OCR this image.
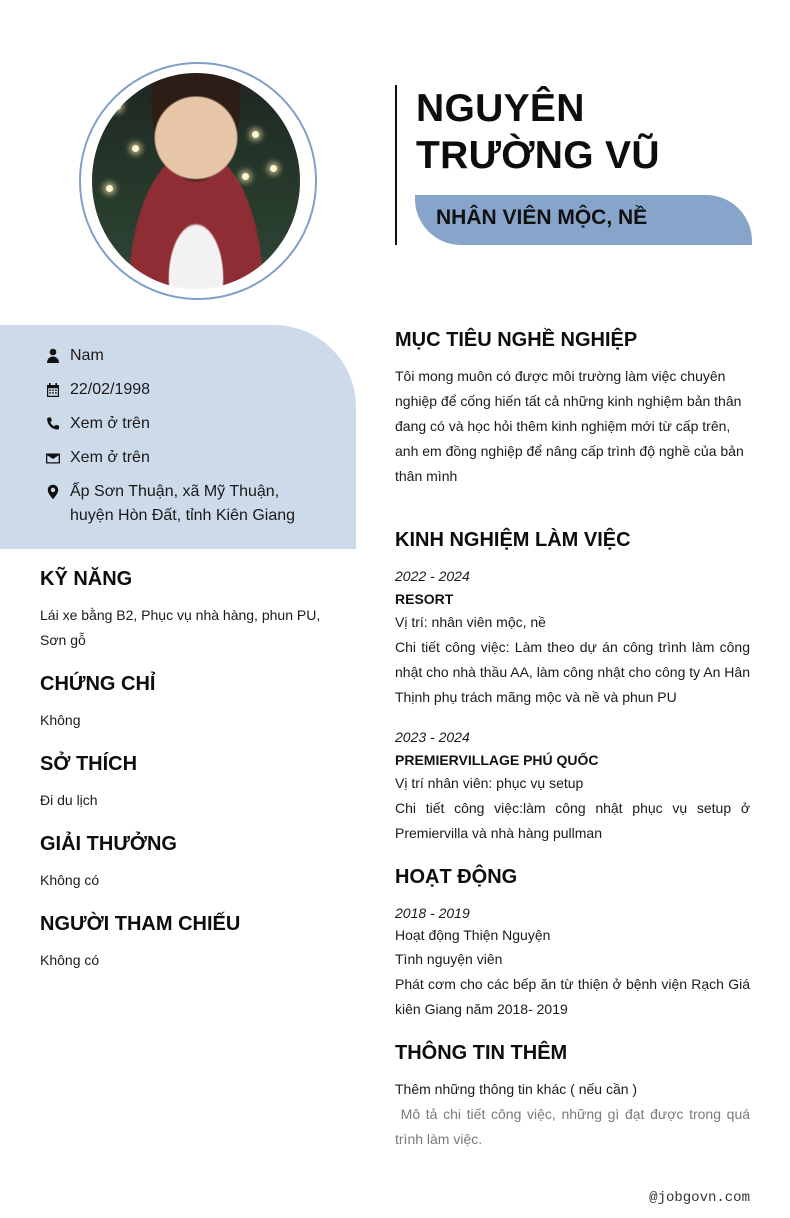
NGUYÊN TRƯỜNG VŨ
NHÂN VIÊN MỘC, NỀ
Nam
22/02/1998
Xem ở trên
Xem ở trên
Ấp Sơn Thuận, xã Mỹ Thuận,
huyện Hòn Đất, tỉnh Kiên Giang
KỸ NĂNG
Lái xe bằng B2, Phục vụ nhà hàng, phun PU, Sơn gỗ
CHỨNG CHỈ
Không
SỞ THÍCH
Đi du lịch
GIẢI THƯỞNG
Không có
NGƯỜI THAM CHIẾU
Không có
MỤC TIÊU NGHỀ NGHIỆP
Tôi mong muôn có được môi trường làm việc chuyên nghiệp để cống hiến tất cả những kinh nghiệm bản thân đang có và học hỏi thêm kinh nghiệm mới từ cấp trên, anh em đồng nghiệp để nâng cấp trình độ nghề của bản thân mình
KINH NGHIỆM LÀM VIỆC
2022 - 2024
RESORT
Vị trí: nhân viên mộc, nề
Chi tiết công việc: Làm theo dự án công trình làm công nhật cho nhà thầu AA, làm công nhật cho công ty An Hân Thịnh phụ trách mãng mộc và nề và phun PU
2023 - 2024
PREMIERVILLAGE PHÚ QUỐC
Vị trí nhân viên: phục vụ setup
Chi tiết công việc:làm công nhật phục vụ setup ở Premiervilla và nhà hàng pullman
HOẠT ĐỘNG
2018 - 2019
Hoạt động Thiện Nguyện
Tình nguyện viên
Phát cơm cho các bếp ăn từ thiện ở bệnh viện Rạch Giá kiên Giang năm 2018- 2019
THÔNG TIN THÊM
Thêm những thông tin khác ( nếu cần )
Mô tả chi tiết công việc, những gì đạt được trong quá trình làm việc.
@jobgovn.com
